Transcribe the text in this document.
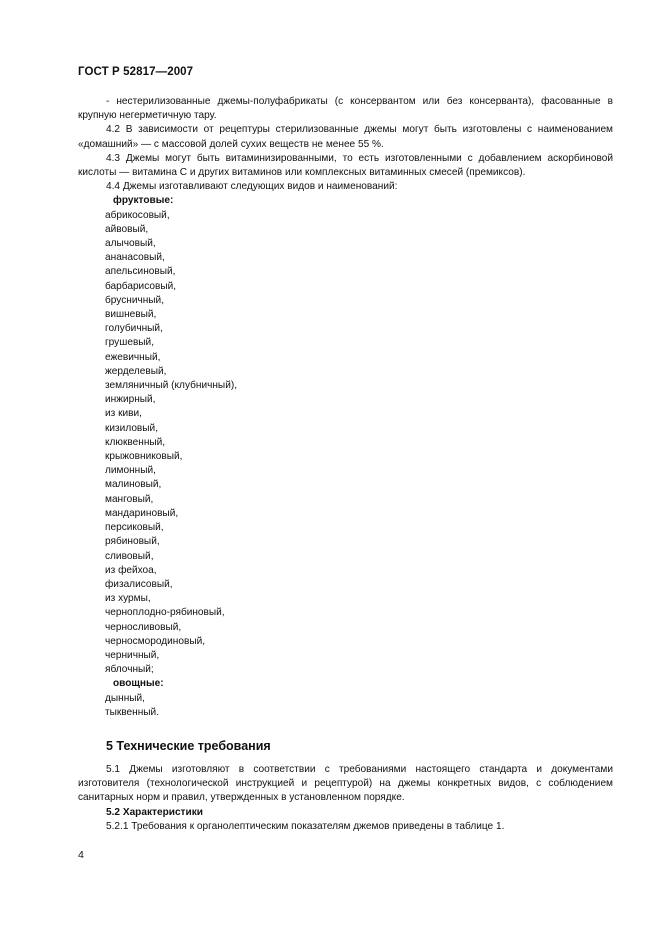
ГОСТ Р 52817—2007

- нестерилизованные джемы-полуфабрикаты (с консервантом или без консерванта), фасованные в крупную негерметичную тару.

4.2 В зависимости от рецептуры стерилизованные джемы могут быть изготовлены с наименованием «домашний» — с массовой долей сухих веществ не менее 55 %.

4.3 Джемы могут быть витаминизированными, то есть изготовленными с добавлением аскорбиновой кислоты — витамина С и других витаминов или комплексных витаминных смесей (премиксов).

4.4 Джемы изготавливают следующих видов и наименований:

фруктовые:
абрикосовый,
айвовый,
алычовый,
ананасовый,
апельсиновый,
барбарисовый,
брусничный,
вишневый,
голубичный,
грушевый,
ежевичный,
жерделевый,
земляничный (клубничный),
инжирный,
из киви,
кизиловый,
клюквенный,
крыжовниковый,
лимонный,
малиновый,
манговый,
мандариновый,
персиковый,
рябиновый,
сливовый,
из фейхоа,
физалисовый,
из хурмы,
черноплодно-рябиновый,
черносливовый,
черносмородиновый,
черничный,
яблочный;
овощные:
дынный,
тыквенный.
5 Технические требования

5.1 Джемы изготовляют в соответствии с требованиями настоящего стандарта и документами изготовителя (технологической инструкцией и рецептурой) на джемы конкретных видов, с соблюдением санитарных норм и правил, утвержденных в установленном порядке.

5.2 Характеристики

5.2.1 Требования к органолептическим показателям джемов приведены в таблице 1.

4
